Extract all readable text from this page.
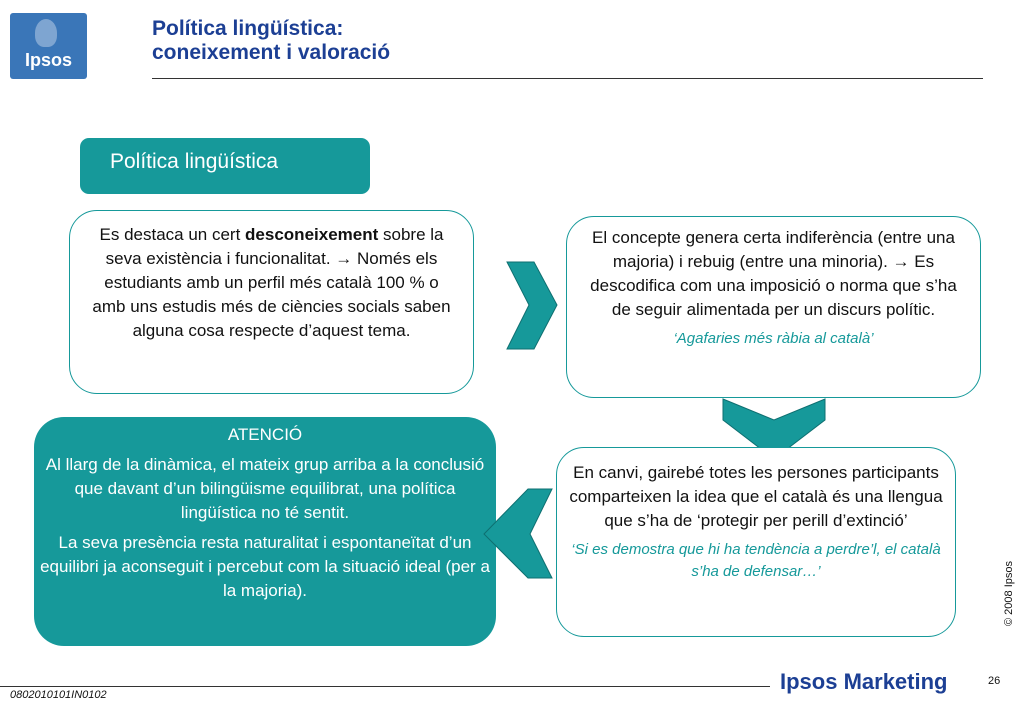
Ipsos
Política lingüística:
coneixement i valoració
Política lingüística
Es destaca un cert desconeixement sobre la seva existència i funcionalitat. → Només els estudiants amb un perfil més català 100 % o amb uns estudis més de ciències socials saben alguna cosa respecte d’aquest tema.
El concepte genera certa indiferència (entre una majoria) i rebuig (entre una minoria). → Es descodifica com una imposició o norma que s’ha de seguir alimentada per un discurs polític.
‘Agafaries més ràbia al català’
ATENCIÓ
Al llarg de la dinàmica, el mateix grup arriba a la conclusió que davant d’un bilingüisme equilibrat, una política lingüística no té sentit.
La seva presència resta naturalitat i espontaneïtat d’un equilibri ja aconseguit i percebut com la situació ideal (per a la majoria).
En canvi, gairebé totes les persones participants comparteixen la idea que el català és una llengua que s’ha de ‘protegir per perill d’extinció’
‘Si es demostra que hi ha tendència a perdre’l, el català s’ha de defensar…’	© 2008 Ipsos
0802010101IN0102
Ipsos Marketing	26
